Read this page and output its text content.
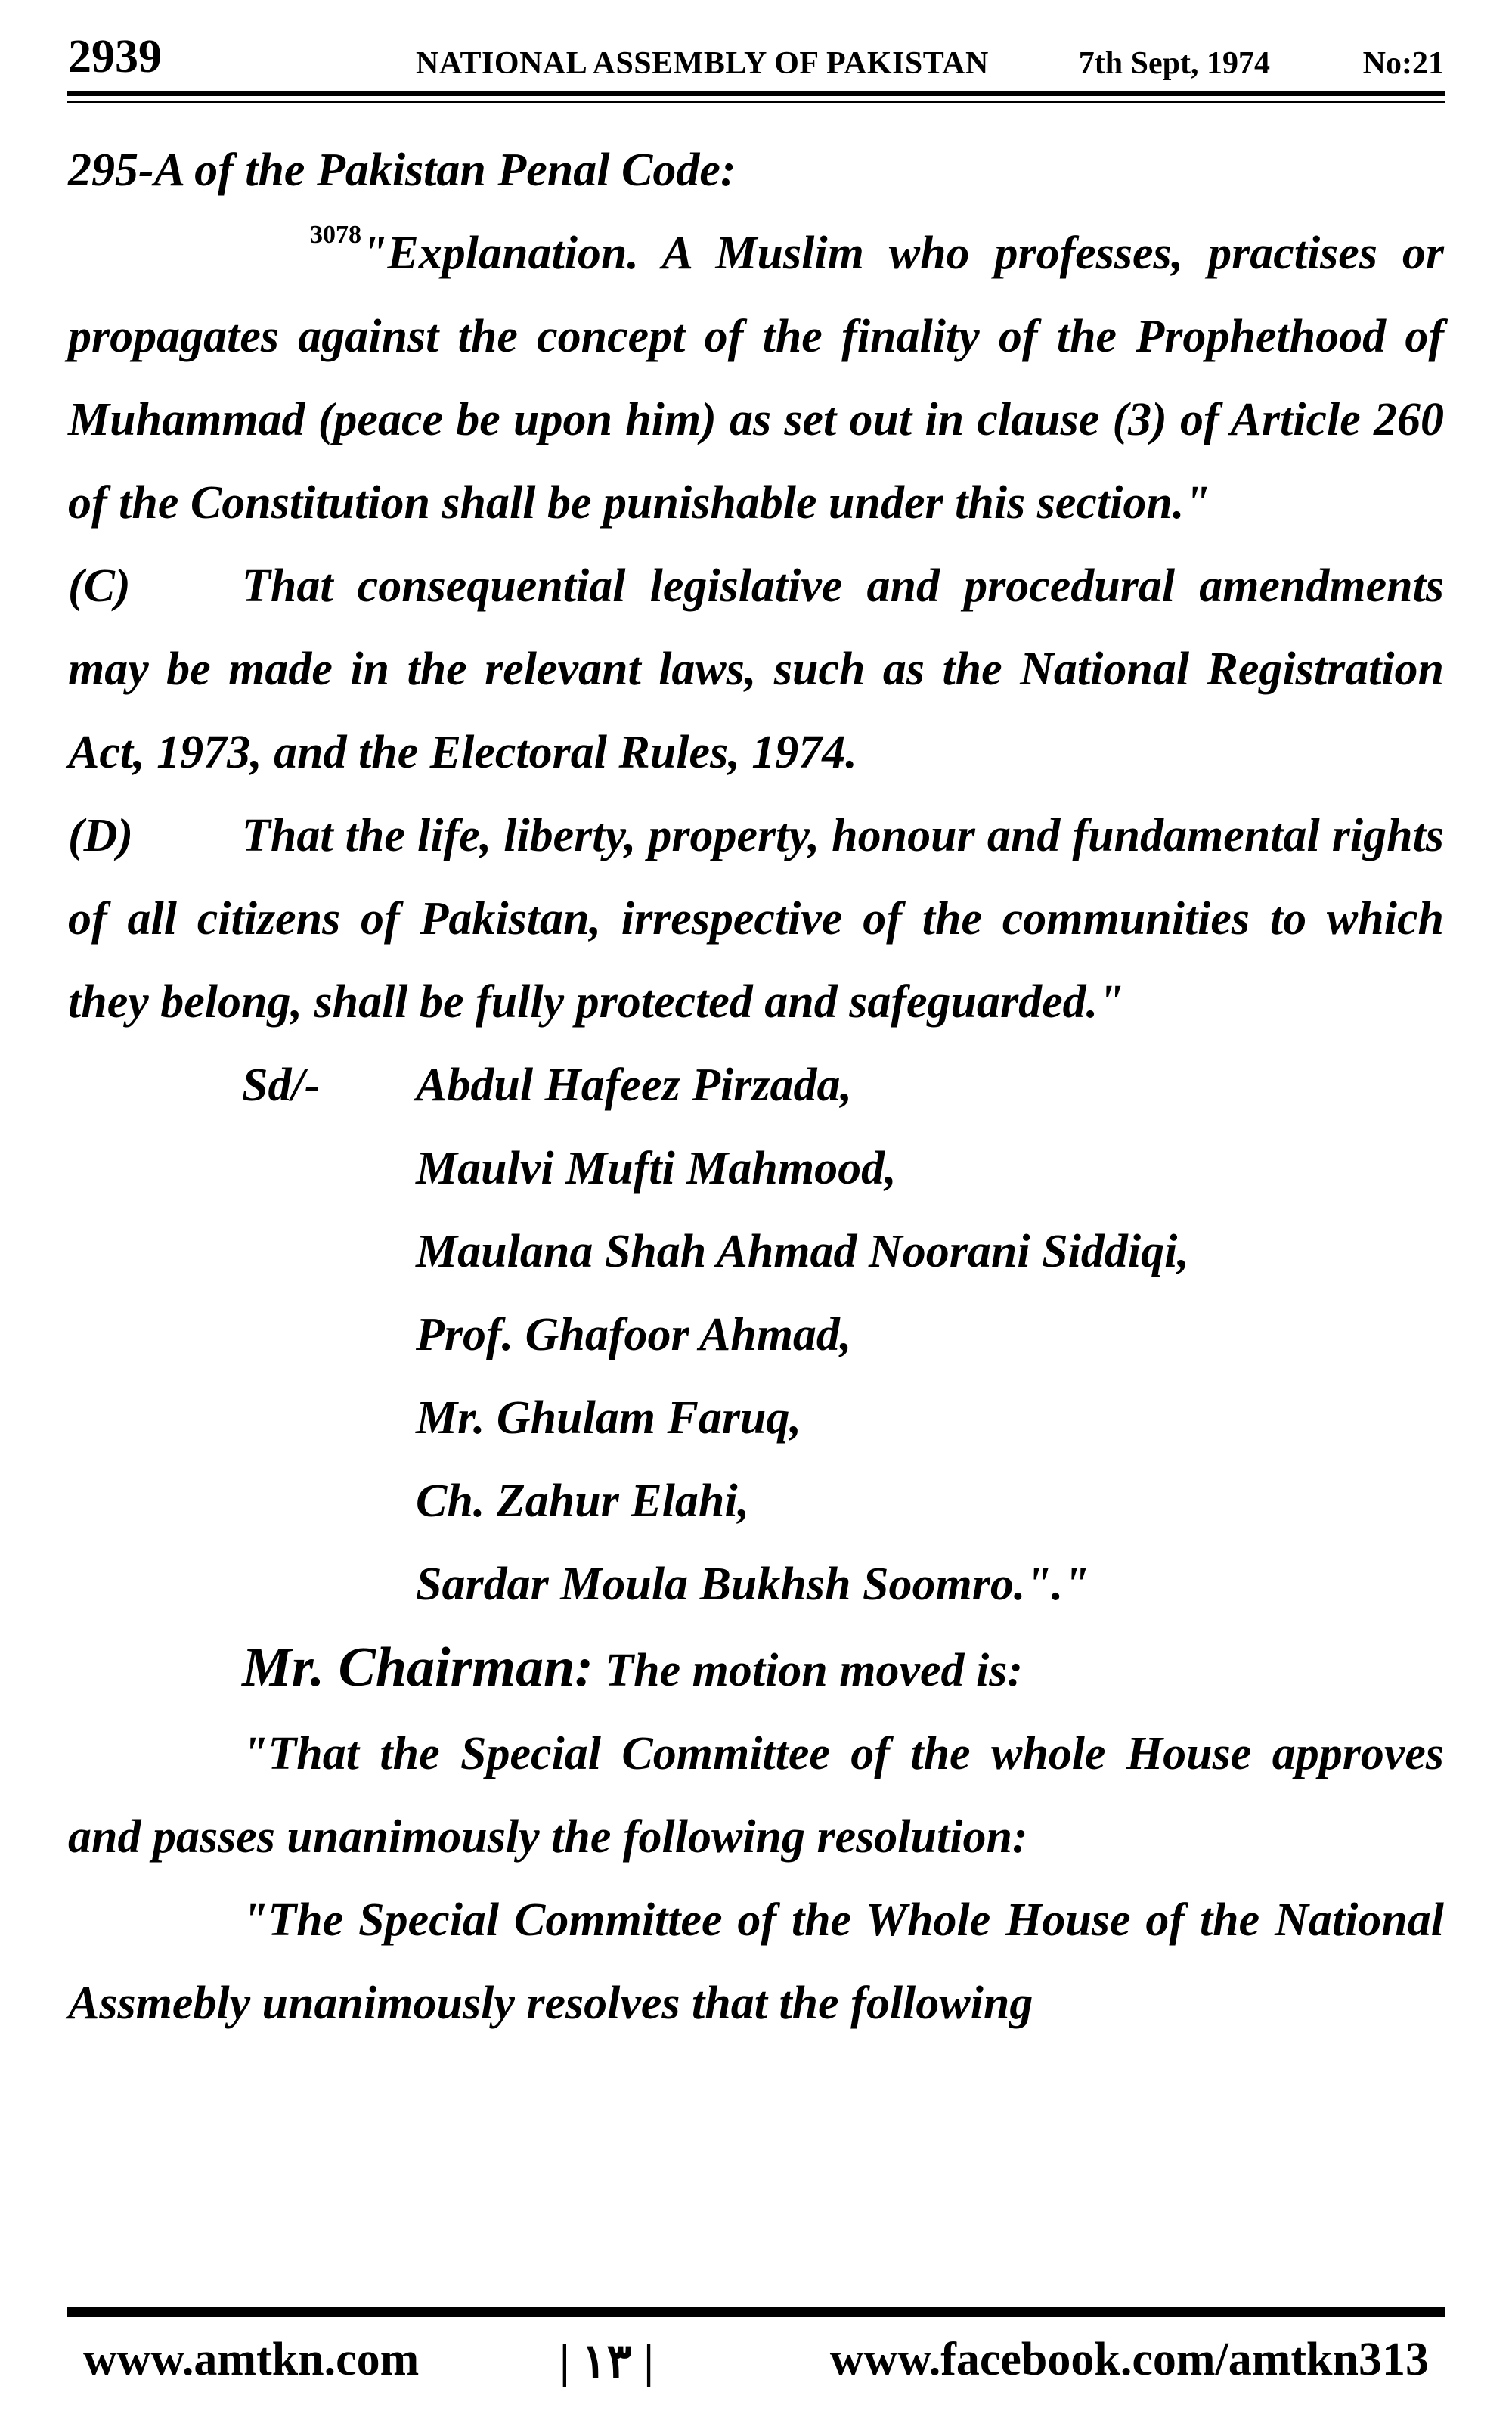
2939	NATIONAL ASSEMBLY OF PAKISTAN	7th Sept, 1974	No:21

295-A of the Pakistan Penal Code:

$^{3078}$"Explanation. A Muslim who professes, practises or propagates against the concept of the finality of the Prophethood of Muhammad (peace be upon him) as set out in clause (3) of Article 260 of the Constitution shall be punishable under this section."

(C) That consequential legislative and procedural amendments may be made in the relevant laws, such as the National Registration Act, 1973, and the Electoral Rules, 1974.

(D) That the life, liberty, property, honour and fundamental rights of all citizens of Pakistan, irrespective of the communities to which they belong, shall be fully protected and safeguarded."

Sd/- Abdul Hafeez Pirzada,
Maulvi Mufti Mahmood,
Maulana Shah Ahmad Noorani Siddiqi,
Prof. Ghafoor Ahmad,
Mr. Ghulam Faruq,
Ch. Zahur Elahi,
Sardar Moula Bukhsh Soomro."."

Mr. Chairman: The motion moved is:

"That the Special Committee of the whole House approves and passes unanimously the following resolution:

"The Special Committee of the Whole House of the National Assmebly unanimously resolves that the following

www.amtkn.com	| ۱۳ |	www.facebook.com/amtkn313
